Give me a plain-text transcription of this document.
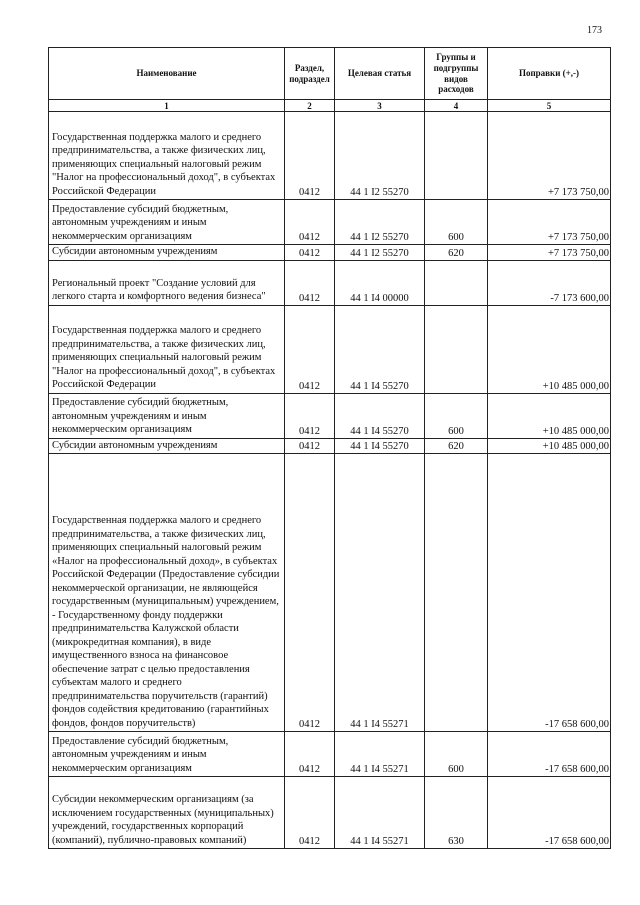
173
Наименование	Раздел, подраздел	Целевая статья	Группы и подгруппы видов расходов	Поправки (+,-)
1	2	3	4	5
Государственная поддержка малого и среднего предпринимательства, а также физических лиц, применяющих специальный налоговый режим "Налог на профессиональный доход", в субъектах Российской Федерации	0412	44 1 I2 55270		+7 173 750,00
Предоставление субсидий бюджетным, автономным учреждениям и иным некоммерческим организациям	0412	44 1 I2 55270	600	+7 173 750,00
Субсидии автономным учреждениям	0412	44 1 I2 55270	620	+7 173 750,00
Региональный проект "Создание условий для легкого старта и комфортного ведения бизнеса"	0412	44 1 I4 00000		-7 173 600,00
Государственная поддержка малого и среднего предпринимательства, а также физических лиц, применяющих специальный налоговый режим "Налог на профессиональный доход", в субъектах Российской Федерации	0412	44 1 I4 55270		+10 485 000,00
Предоставление субсидий бюджетным, автономным учреждениям и иным некоммерческим организациям	0412	44 1 I4 55270	600	+10 485 000,00
Субсидии автономным учреждениям	0412	44 1 I4 55270	620	+10 485 000,00
Государственная поддержка малого и среднего предпринимательства, а также физических лиц, применяющих специальный налоговый режим «Налог на профессиональный доход», в субъектах Российской Федерации (Предоставление субсидии некоммерческой организации, не являющейся государственным (муниципальным) учреждением, - Государственному фонду поддержки предпринимательства Калужской области (микрокредитная компания), в виде имущественного взноса на финансовое обеспечение затрат с целью предоставления субъектам малого и среднего предпринимательства поручительств (гарантий) фондов содействия кредитованию (гарантийных фондов, фондов поручительств)	0412	44 1 I4 55271		-17 658 600,00
Предоставление субсидий бюджетным, автономным учреждениям и иным некоммерческим организациям	0412	44 1 I4 55271	600	-17 658 600,00
Субсидии некоммерческим организациям (за исключением государственных (муниципальных) учреждений, государственных корпораций (компаний), публично-правовых компаний)	0412	44 1 I4 55271	630	-17 658 600,00
